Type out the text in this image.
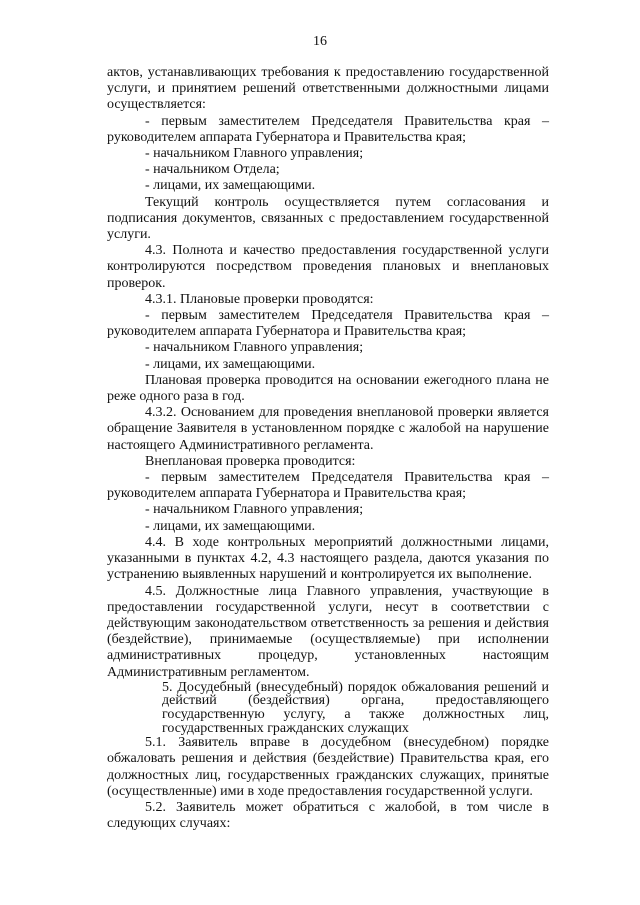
16

актов, устанавливающих требования к предоставлению государственной услуги, и принятием решений ответственными должностными лицами осуществляется:

- первым заместителем Председателя Правительства края – руководителем аппарата Губернатора и Правительства края;

- начальником Главного управления;

- начальником Отдела;

- лицами, их замещающими.

Текущий контроль осуществляется путем согласования и подписания документов, связанных с предоставлением государственной услуги.

4.3. Полнота и качество предоставления государственной услуги контролируются посредством проведения плановых и внеплановых проверок.

4.3.1. Плановые проверки проводятся:

- первым заместителем Председателя Правительства края – руководителем аппарата Губернатора и Правительства края;

- начальником Главного управления;

- лицами, их замещающими.

Плановая проверка проводится на основании ежегодного плана не реже одного раза в год.

4.3.2. Основанием для проведения внеплановой проверки является обращение Заявителя в установленном порядке с жалобой на нарушение настоящего Административного регламента.

Внеплановая проверка проводится:

- первым заместителем Председателя Правительства края – руководителем аппарата Губернатора и Правительства края;

- начальником Главного управления;

- лицами, их замещающими.

4.4. В ходе контрольных мероприятий должностными лицами, указанными в пунктах 4.2, 4.3 настоящего раздела, даются указания по устранению выявленных нарушений и контролируется их выполнение.

4.5. Должностные лица Главного управления, участвующие в предоставлении государственной услуги, несут в соответствии с действующим законодательством ответственность за решения и действия (бездействие), принимаемые (осуществляемые) при исполнении административных процедур, установленных настоящим Административным регламентом.

5. Досудебный (внесудебный) порядок обжалования решений и действий (бездействия) органа, предоставляющего государственную услугу, а также должностных лиц, государственных гражданских служащих

5.1. Заявитель вправе в досудебном (внесудебном) порядке обжаловать решения и действия (бездействие) Правительства края, его должностных лиц, государственных гражданских служащих, принятые (осуществленные) ими в ходе предоставления государственной услуги.

5.2. Заявитель может обратиться с жалобой, в том числе в следующих случаях:
